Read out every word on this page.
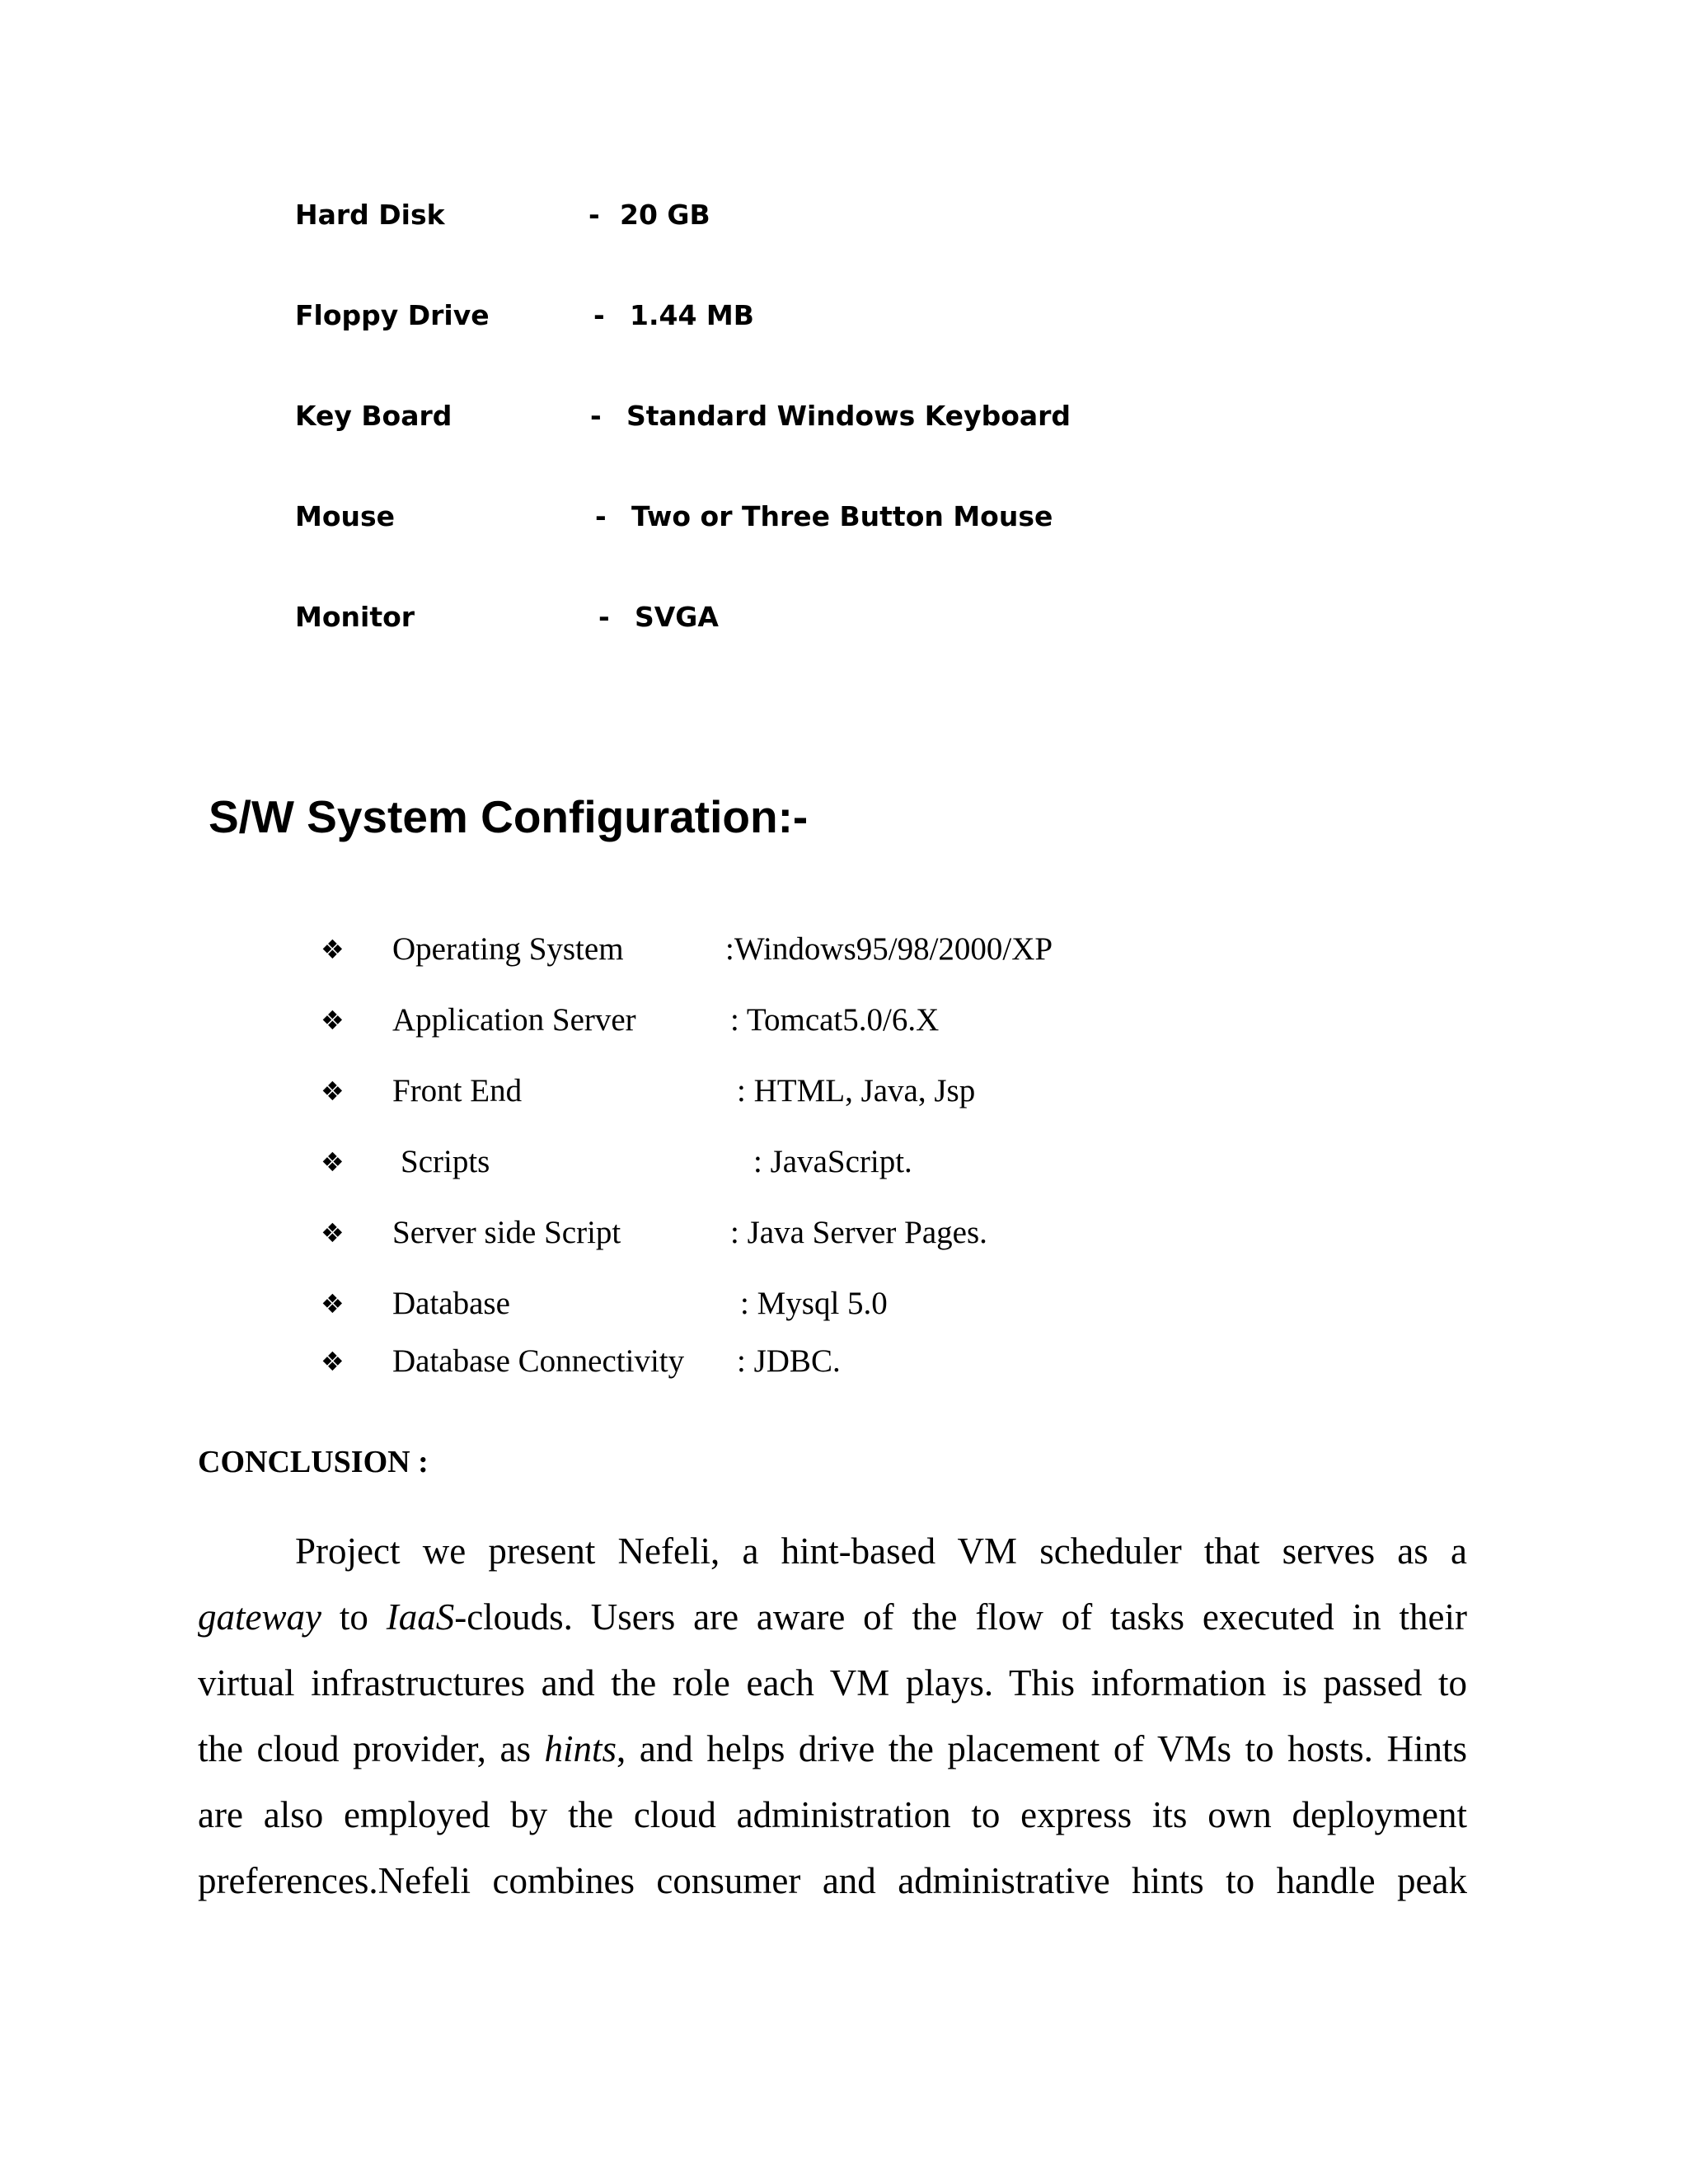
Hard Disk	- 20 GB
Floppy Drive	- 1.44 MB
Key Board	- Standard Windows Keyboard
Mouse	- Two or Three Button Mouse
Monitor	- SVGA
S/W System Configuration:-
❖ Operating System	:Windows95/98/2000/XP
❖ Application Server	: Tomcat5.0/6.X
❖ Front End	: HTML, Java, Jsp
❖ Scripts	: JavaScript.
❖ Server side Script	: Java Server Pages.
❖ Database	: Mysql 5.0
❖ Database Connectivity : JDBC.
CONCLUSION :
Project we present Nefeli, a hint-based VM scheduler that serves as a
gateway to IaaS-clouds. Users are aware of the flow of tasks executed in their
virtual infrastructures and the role each VM plays. This information is passed to
the cloud provider, as hints, and helps drive the placement of VMs to hosts. Hints
are also employed by the cloud administration to express its own deployment
preferences.Nefeli combines consumer and administrative hints to handle peak
